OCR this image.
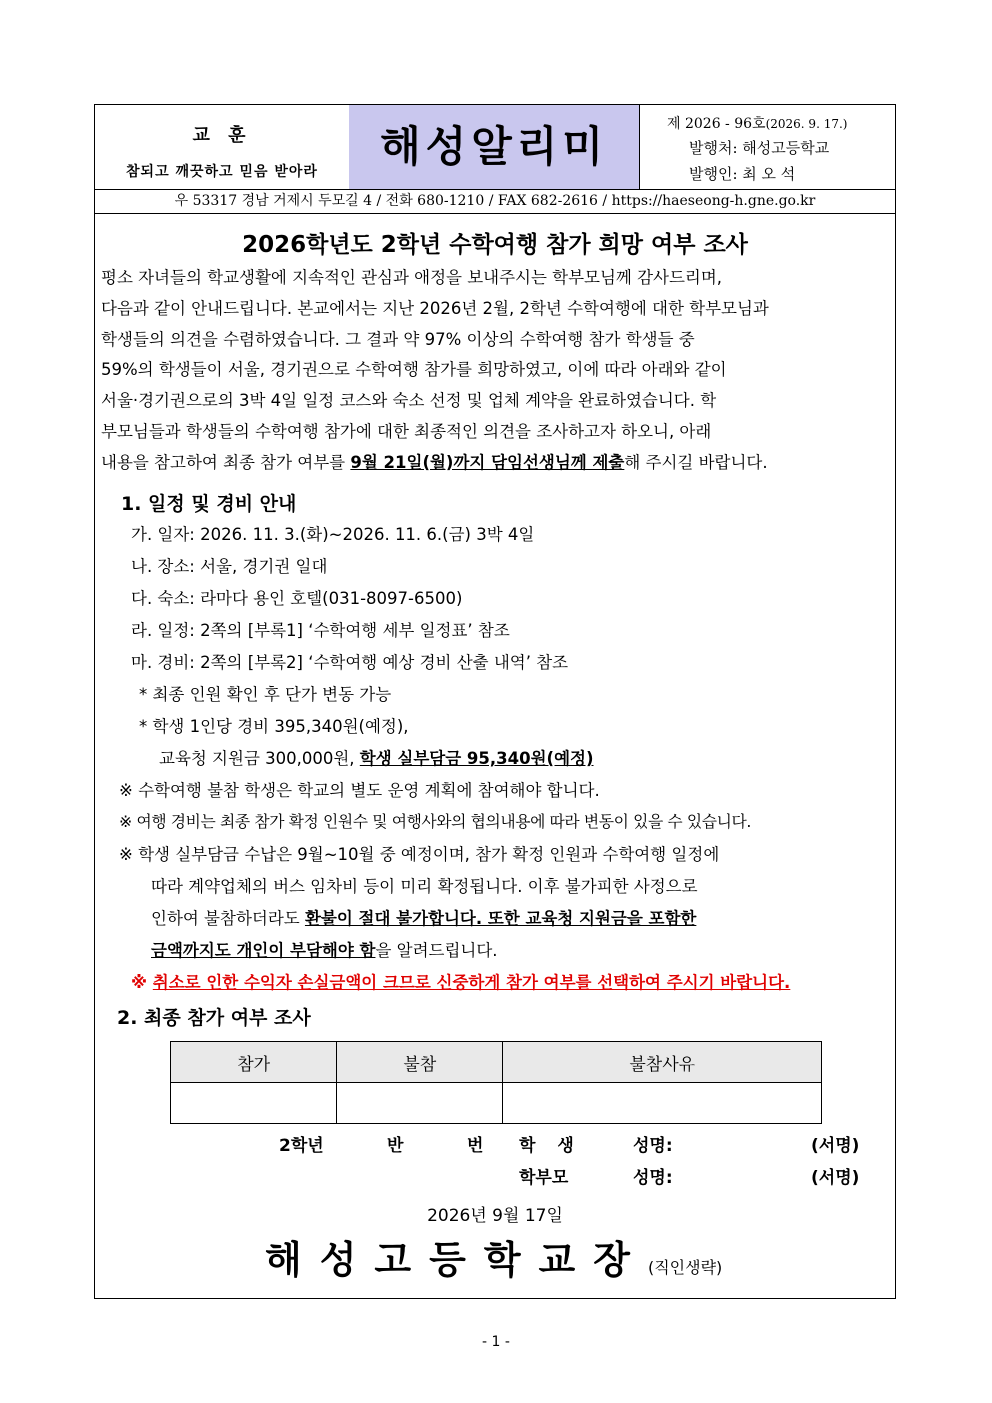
교 훈
참되고 깨끗하고 믿음 받아라
해성알리미	제 2026 - 96호(2026. 9. 17.)
발행처: 해성고등학교
발행인: 최 오 석
우 53317 경남 거제시 두모길 4 / 전화 680-1210 / FAX 682-2616 / https://haeseong-h.gne.go.kr
2026학년도 2학년 수학여행 참가 희망 여부 조사

평소 자녀들의 학교생활에 지속적인 관심과 애정을 보내주시는 학부모님께 감사드리며,

다음과 같이 안내드립니다. 본교에서는 지난 2026년 2월, 2학년 수학여행에 대한 학부모님과

학생들의 의견을 수렴하였습니다. 그 결과 약 97% 이상의 수학여행 참가 학생들 중

59%의 학생들이 서울, 경기권으로 수학여행 참가를 희망하였고, 이에 따라 아래와 같이

서울·경기권으로의 3박 4일 일정 코스와 숙소 선정 및 업체 계약을 완료하였습니다. 학

부모님들과 학생들의 수학여행 참가에 대한 최종적인 의견을 조사하고자 하오니, 아래

내용을 참고하여 최종 참가 여부를 9월 21일(월)까지 담임선생님께 제출해 주시길 바랍니다.

1. 일정 및 경비 안내
가. 일자: 2026. 11. 3.(화)~2026. 11. 6.(금) 3박 4일
나. 장소: 서울, 경기권 일대
다. 숙소: 라마다 용인 호텔(031-8097-6500)
라. 일정: 2쪽의 [부록1] ‘수학여행 세부 일정표’ 참조
마. 경비: 2쪽의 [부록2] ‘수학여행 예상 경비 산출 내역’ 참조
* 최종 인원 확인 후 단가 변동 가능
* 학생 1인당 경비 395,340원(예정),
교육청 지원금 300,000원, 학생 실부담금 95,340원(예정)
※ 수학여행 불참 학생은 학교의 별도 운영 계획에 참여해야 합니다.
※ 여행 경비는 최종 참가 확정 인원수 및 여행사와의 협의내용에 따라 변동이 있을 수 있습니다.
※ 학생 실부담금 수납은 9월~10월 중 예정이며, 참가 확정 인원과 수학여행 일정에
따라 계약업체의 버스 임차비 등이 미리 확정됩니다. 이후 불가피한 사정으로
인하여 불참하더라도 환불이 절대 불가합니다. 또한 교육청 지원금을 포함한
금액까지도 개인이 부담해야 함을 알려드립니다.
※ 취소로 인한 수익자 손실금액이 크므로 신중하게 참가 여부를 선택하여 주시기 바랍니다.
2. 최종 참가 여부 조사
참가	불참	불참사유

2학년	반	번 학 생	성명:	(서명)
학부모	성명:	(서명)
2026년 9월 17일
해성고등학교장(직인생략)
- 1 -
